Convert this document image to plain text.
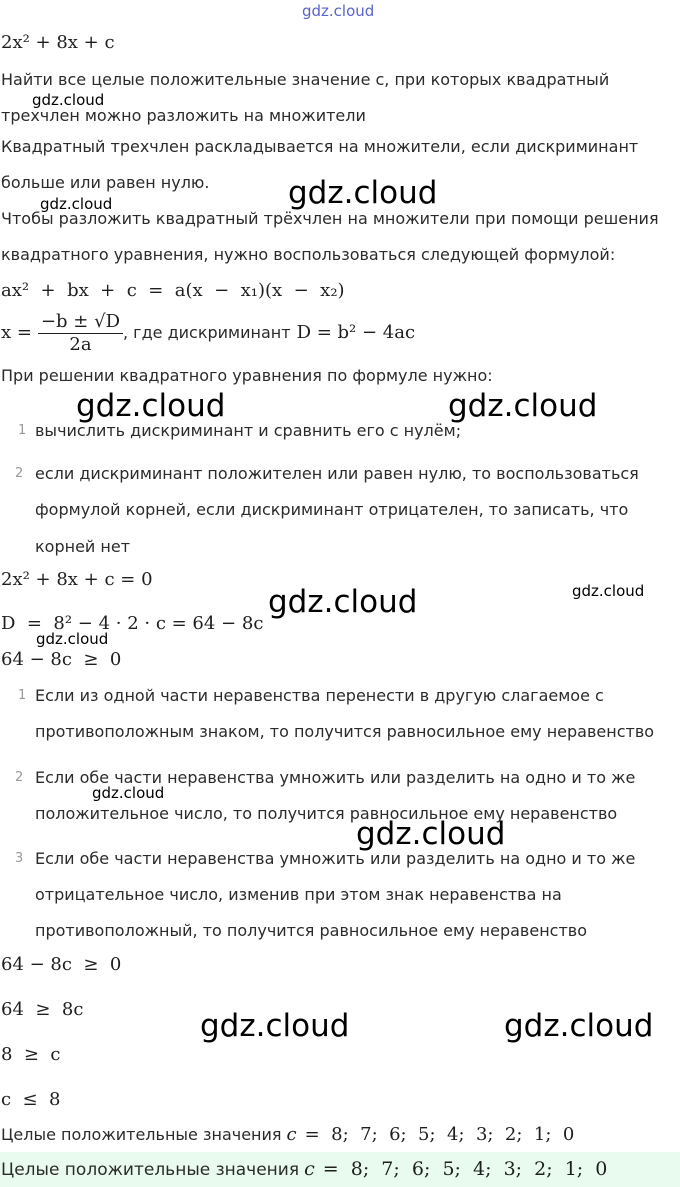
gdz.cloud
2x² + 8x + c
Найти все целые положительные значение c, при которых квадратный
трехчлен можно разложить на множители
Квадратный трехчлен раскладывается на множители, если дискриминант
больше или равен нулю.
Чтобы разложить квадратный трёхчлен на множители при помощи решения
квадратного уравнения, нужно воспользоваться следующей формулой:
ax²  +  bx  +  c  =  a(x  −  x₁)(x  −  x₂)
$x = \frac{-b \pm √D}{2a}$ , где дискриминант D = b² − 4ac
При решении квадратного уравнения по формуле нужно:
1 вычислить дискриминант и сравнить его с нулём;
2 если дискриминант положителен или равен нулю, то воспользоваться
формулой корней, если дискриминант отрицателен, то записать, что
корней нет
2x² + 8x + c = 0
D  =  8² − 4 · 2 · c = 64 − 8c
64 − 8c  ≥  0
1 Если из одной части неравенства перенести в другую слагаемое с
противоположным знаком, то получится равносильное ему неравенство
2 Если обе части неравенства умножить или разделить на одно и то же
положительное число, то получится равносильное ему неравенство
3 Если обе части неравенства умножить или разделить на одно и то же
отрицательное число, изменив при этом знак неравенства на
противоположный, то получится равносильное ему неравенство
64 − 8c  ≥  0
64  ≥  8c
8  ≥  c
c  ≤  8
Целые положительные значения c =  8;  7;  6;  5;  4;  3;  2;  1;  0
Целые положительные значения c =  8;  7;  6;  5;  4;  3;  2;  1;  0
gdz.cloud
gdz.cloud	gdz.cloud
gdz.cloud	gdz.cloud
gdz.cloud
gdz.cloud
gdz.cloud
gdz.cloud
gdz.cloud
gdz.cloud	gdz.cloud
